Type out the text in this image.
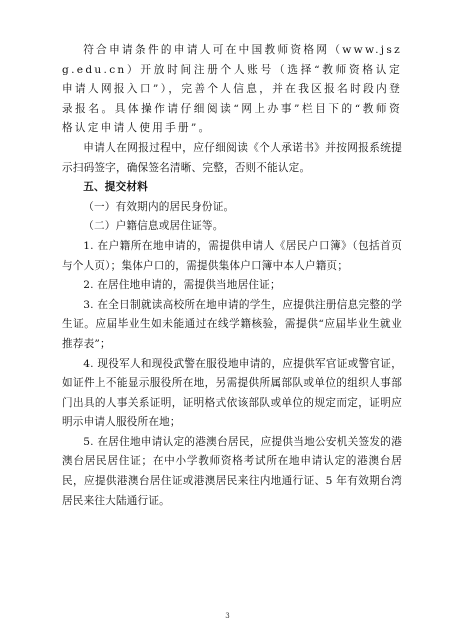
符合申请条件的申请人可在中国教师资格网（www.jszg.edu.cn）开放时间注册个人账号（选择“教师资格认定申请人网报入口”），完善个人信息，并在我区报名时段内登录报名。具体操作请仔细阅读“网上办事”栏目下的“教师资格认定申请人使用手册”。

申请人在网报过程中，应仔细阅读《个人承诺书》并按网报系统提示扫码签字，确保签名清晰、完整，否则不能认定。

五、提交材料

（一）有效期内的居民身份证。

（二）户籍信息或居住证等。

1. 在户籍所在地申请的，需提供申请人《居民户口簿》（包括首页与个人页）；集体户口的，需提供集体户口簿中本人户籍页；

2. 在居住地申请的，需提供当地居住证；

3. 在全日制就读高校所在地申请的学生，应提供注册信息完整的学生证。应届毕业生如未能通过在线学籍核验，需提供“应届毕业生就业推荐表”；

4. 现役军人和现役武警在服役地申请的，应提供军官证或警官证，如证件上不能显示服役所在地，另需提供所属部队或单位的组织人事部门出具的人事关系证明，证明格式依该部队或单位的规定而定，证明应明示申请人服役所在地；

5. 在居住地申请认定的港澳台居民，应提供当地公安机关签发的港澳台居民居住证；在中小学教师资格考试所在地申请认定的港澳台居民，应提供港澳台居住证或港澳居民来往内地通行证、5 年有效期台湾居民来往大陆通行证。

3
